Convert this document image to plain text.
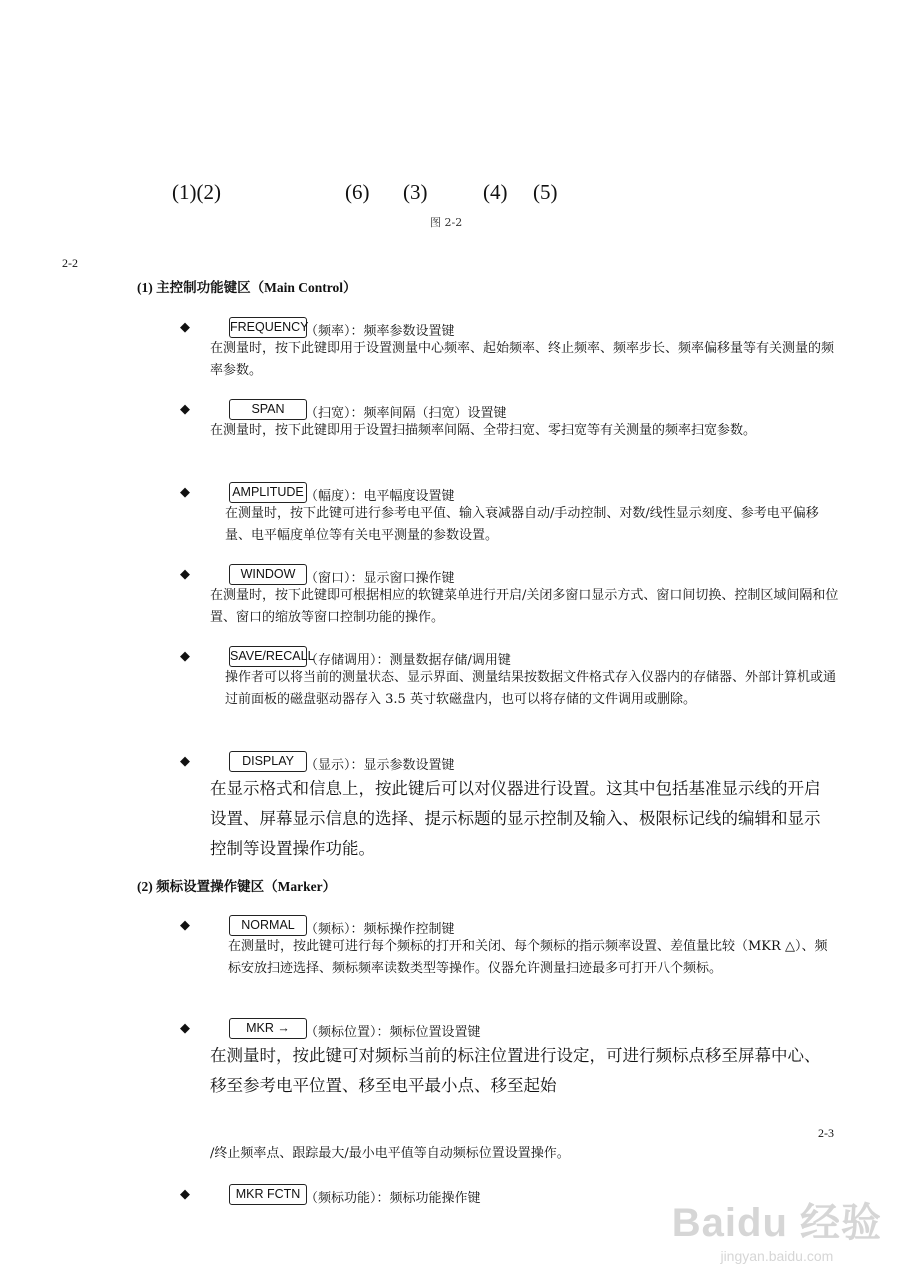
(1)(2)	(6) (3)	(4) (5)
图 2-2
2-2
(1) 主控制功能键区（Main Control）
◆	FREQUENCY
（频率）：频率参数设置键
在测量时，按下此键即用于设置测量中心频率、起始频率、终止频率、频率步长、频率偏移量等有关测量的频率参数。
◆	SPAN	（扫宽）：频率间隔（扫宽）设置键
在测量时，按下此键即用于设置扫描频率间隔、全带扫宽、零扫宽等有关测量的频率扫宽参数。
◆	AMPLITUDE （幅度）：电平幅度设置键
在测量时，按下此键可进行参考电平值、输入衰减器自动/手动控制、对数/线性显示刻度、参考电平偏移量、电平幅度单位等有关电平测量的参数设置。
◆	WINDOW （窗口）：显示窗口操作键
在测量时，按下此键即可根据相应的软键菜单进行开启/关闭多窗口显示方式、窗口间切换、控制区域间隔和位置、窗口的缩放等窗口控制功能的操作。
◆	SAVE/RECALL
（存储调用）：测量数据存储/调用键
操作者可以将当前的测量状态、显示界面、测量结果按数据文件格式存入仪器内的存储器、外部计算机或通过前面板的磁盘驱动器存入 3.5 英寸软磁盘内，也可以将存储的文件调用或删除。
◆	DISPLAY （显示）：显示参数设置键
在显示格式和信息上，按此键后可以对仪器进行设置。这其中包括基准显示线的开启设置、屏幕显示信息的选择、提示标题的显示控制及输入、极限标记线的编辑和显示控制等设置操作功能。
(2) 频标设置操作键区（Marker）
◆	NORMAL （频标）：频标操作控制键
在测量时，按此键可进行每个频标的打开和关闭、每个频标的指示频率设置、差值量比较（MKR △）、频标安放扫迹选择、频标频率读数类型等操作。仪器允许测量扫迹最多可打开八个频标。
◆	MKR →	（频标位置）：频标位置设置键
在测量时，按此键可对频标当前的标注位置进行设定，可进行频标点移至屏幕中心、移至参考电平位置、移至电平最小点、移至起始
2-3
/终止频率点、跟踪最大/最小电平值等自动频标位置设置操作。
◆	MKR FCTN （频标功能）：频标功能操作键
Baidu 经验
jingyan.baidu.com
